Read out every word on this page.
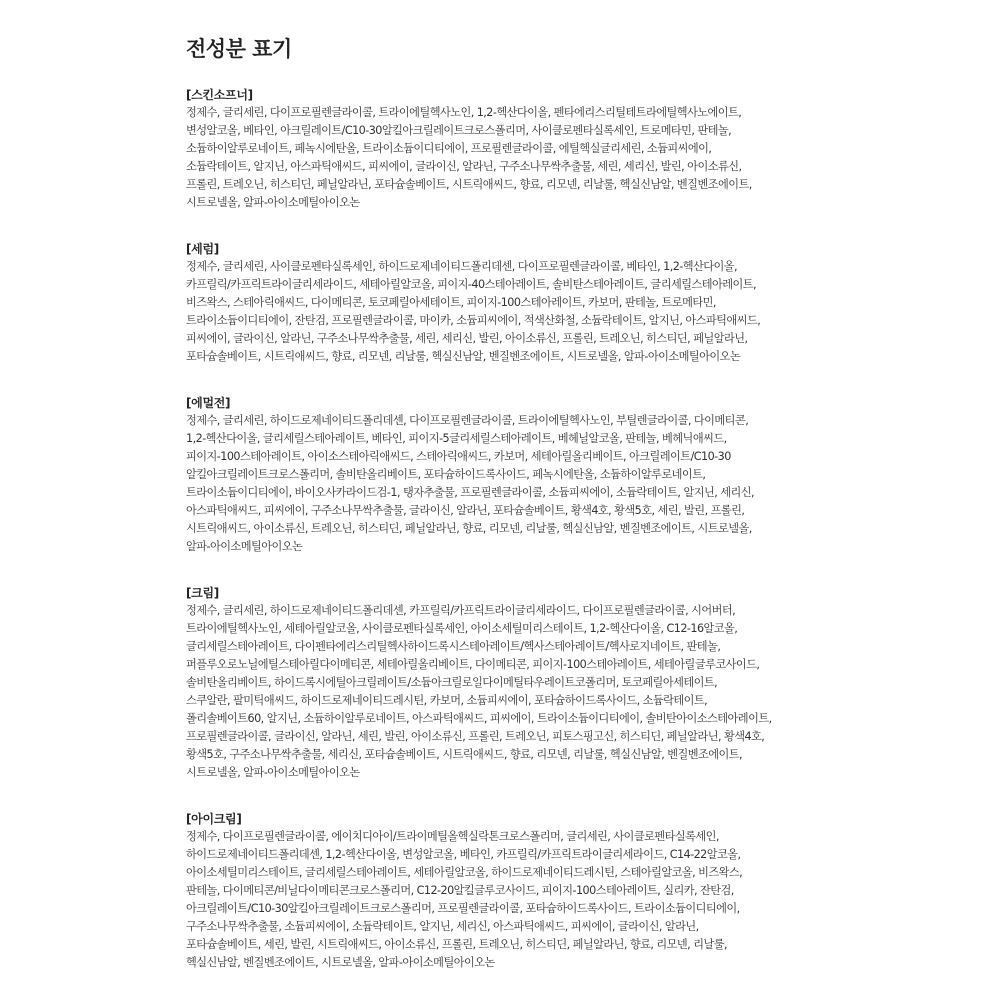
전성분 표기
[스킨소프너]
정제수, 글리세린, 다이프로필렌글라이콜, 트라이에틸헥사노인, 1,2-헥산다이올, 펜타에리스리틸테트라에틸헥사노에이트,
변성알코올, 베타인, 아크릴레이트/C10-30알킬아크릴레이트크로스폴리머, 사이클로펜타실록세인, 트로메타민, 판테놀,
소듐하이알루로네이트, 페녹시에탄올, 트라이소듐이디티에이, 프로필렌글라이콜, 에틸헥실글리세린, 소듐피씨에이,
소듐락테이트, 알지닌, 아스파틱애씨드, 피씨에이, 글라이신, 알라닌, 구주소나무싹추출물, 세린, 세리신, 발린, 아이소류신,
프롤린, 트레오닌, 히스티딘, 페닐알라닌, 포타슘솔베이트, 시트릭애씨드, 향료, 리모넨, 리날룰, 헥실신남알, 벤질벤조에이트,
시트로넬올, 알파-아이소메틸아이오논
[세럼]
정제수, 글리세린, 사이클로펜타실록세인, 하이드로제네이티드폴리데센, 다이프로필렌글라이콜, 베타인, 1,2-헥산다이올,
카프릴릭/카프릭트라이글리세라이드, 세테아릴알코올, 피이지-40스테아레이트, 솔비탄스테아레이트, 글리세릴스테아레이트,
비즈왁스, 스테아릭애씨드, 다이메티콘, 토코페릴아세테이트, 피이지-100스테아레이트, 카보머, 판테놀, 트로메타민,
트라이소듐이디티에이, 잔탄검, 프로필렌글라이콜, 마이카, 소듐피씨에이, 적색산화철, 소듐락테이트, 알지닌, 아스파틱애씨드,
피씨에이, 글라이신, 알라닌, 구주소나무싹추출물, 세린, 세리신, 발린, 아이소류신, 프롤린, 트레오닌, 히스티딘, 페닐알라닌,
포타슘솔베이트, 시트릭애씨드, 향료, 리모넨, 리날룰, 헥실신남알, 벤질벤조에이트, 시트로넬올, 알파-아이소메틸아이오논
[에멀전]
정제수, 글리세린, 하이드로제네이티드폴리데센, 다이프로필렌글라이콜, 트라이에틸헥사노인, 부틸렌글라이콜, 다이메티콘,
1,2-헥산다이올, 글리세릴스테아레이트, 베타인, 피이지-5글리세릴스테아레이트, 베헤닐알코올, 판테놀, 베헤닉애씨드,
피이지-100스테아레이트, 아이소스테아릭애씨드, 스테아릭애씨드, 카보머, 세테아릴올리베이트, 아크릴레이트/C10-30
알킬아크릴레이트크로스폴리머, 솔비탄올리베이트, 포타슘하이드록사이드, 페녹시에탄올, 소듐하이알루로네이트,
트라이소듐이디티에이, 바이오사카라이드검-1, 탱자추출물, 프로필렌글라이콜, 소듐피씨에이, 소듐락테이트, 알지닌, 세리신,
아스파틱애씨드, 피씨에이, 구주소나무싹추출물, 글라이신, 알라닌, 포타슘솔베이트, 황색4호, 황색5호, 세린, 발린, 프롤린,
시트릭애씨드, 아이소류신, 트레오닌, 히스티딘, 페닐알라닌, 향료, 리모넨, 리날룰, 헥실신남알, 벤질벤조에이트, 시트로넬올,
알파-아이소메틸아이오논
[크림]
정제수, 글리세린, 하이드로제네이티드폴리데센, 카프릴릭/카프릭트라이글리세라이드, 다이프로필렌글라이콜, 시어버터,
트라이에틸헥사노인, 세테아릴알코올, 사이클로펜타실록세인, 아이소세틸미리스테이트, 1,2-헥산다이올, C12-16알코올,
글리세릴스테아레이트, 다이펜타에리스리틸헥사하이드록시스테아레이트/헥사스테아레이트/헥사로지네이트, 판테놀,
퍼플루오로노닐에틸스테아릴다이메티콘, 세테아릴올리베이트, 다이메티콘, 피이지-100스테아레이트, 세테아릴글루코사이드,
솔비탄올리베이트, 하이드록시에틸아크릴레이트/소듐아크릴로일다이메틸타우레이트코폴리머, 토코페릴아세테이트,
스쿠알란, 팔미틱애씨드, 하이드로제네이티드레시틴, 카보머, 소듐피씨에이, 포타슘하이드록사이드, 소듐락테이트,
폴리솔베이트60, 알지닌, 소듐하이알루로네이트, 아스파틱애씨드, 피씨에이, 트라이소듐이디티에이, 솔비탄아이소스테아레이트,
프로필렌글라이콜, 글라이신, 알라닌, 세린, 발린, 아이소류신, 프롤린, 트레오닌, 피토스핑고신, 히스티딘, 페닐알라닌, 황색4호,
황색5호, 구주소나무싹추출물, 세리신, 포타슘솔베이트, 시트릭애씨드, 향료, 리모넨, 리날룰, 헥실신남알, 벤질벤조에이트,
시트로넬올, 알파-아이소메틸아이오논
[아이크림]
정제수, 다이프로필렌글라이콜, 에이치디아이/트라이메틸올헥실락톤크로스폴리머, 글리세린, 사이클로펜타실록세인,
하이드로제네이티드폴리데센, 1,2-헥산다이올, 변성알코올, 베타인, 카프릴릭/카프릭트라이글리세라이드, C14-22알코올,
아이소세틸미리스테이트, 글리세릴스테아레이트, 세테아릴알코올, 하이드로제네이티드레시틴, 스테아릴알코올, 비즈왁스,
판테놀, 다이메티콘/비닐다이메티콘크로스폴리머, C12-20알킬글루코사이드, 피이지-100스테아레이트, 실리카, 잔탄검,
아크릴레이트/C10-30알킬아크릴레이트크로스폴리머, 프로필렌글라이콜, 포타슘하이드록사이드, 트라이소듐이디티에이,
구주소나무싹추출물, 소듐피씨에이, 소듐락테이트, 알지닌, 세리신, 아스파틱애씨드, 피씨에이, 글라이신, 알라닌,
포타슘솔베이트, 세린, 발린, 시트릭애씨드, 아이소류신, 프롤린, 트레오닌, 히스티딘, 페닐알라닌, 향료, 리모넨, 리날룰,
헥실신남알, 벤질벤조에이트, 시트로넬올, 알파-아이소메틸아이오논
